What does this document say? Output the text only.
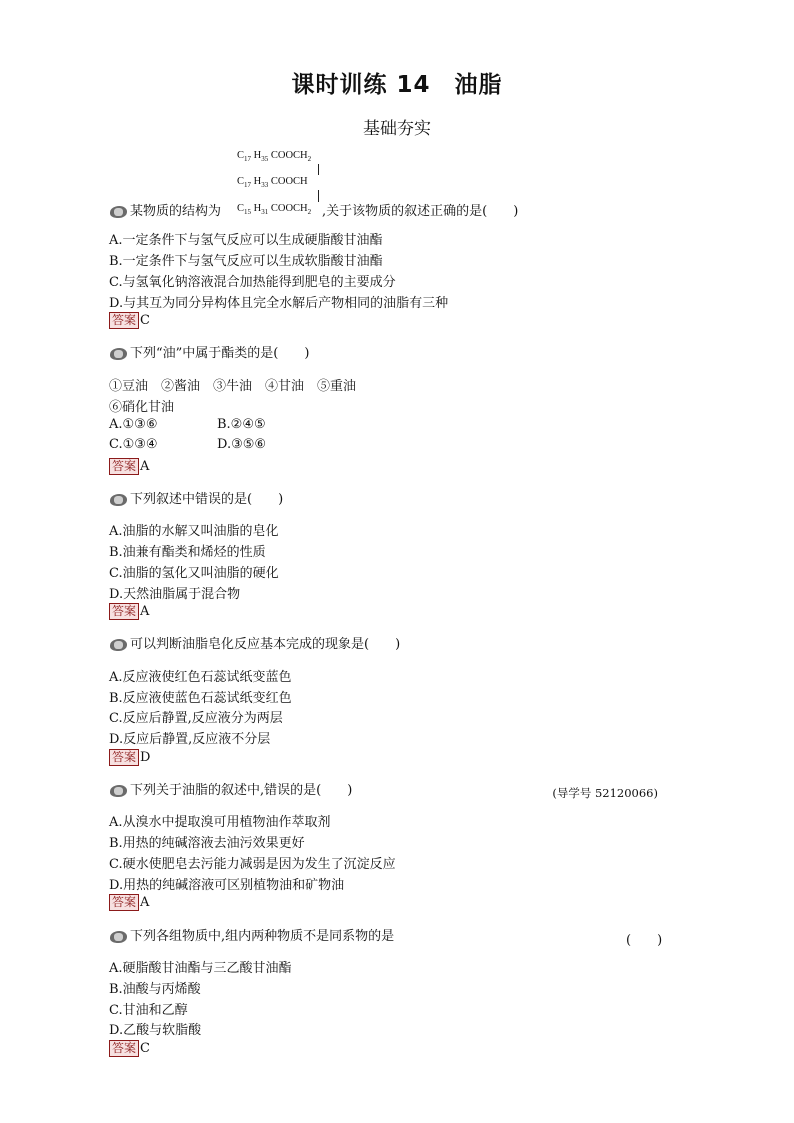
课时训练 14　油脂
基础夯实
$C_{17}$ $H_{35}$ $COOCH_2$
$C_{17}$ $H_{33}$ COOCH
$C_{15}$ $H_{31}$ $COOCH_2$
某物质的结构为	,关于该物质的叙述正确的是(　　)
A.一定条件下与氢气反应可以生成硬脂酸甘油酯
B.一定条件下与氢气反应可以生成软脂酸甘油酯
C.与氢氧化钠溶液混合加热能得到肥皂的主要成分
D.与其互为同分异构体且完全水解后产物相同的油脂有三种
答案 C
下列“油”中属于酯类的是(　　)
①豆油　②酱油　③牛油　④甘油　⑤重油
⑥硝化甘油
A.①③⑥	B.②④⑤
C.①③④	D.③⑤⑥
答案 A
下列叙述中错误的是(　　)
A.油脂的水解又叫油脂的皂化
B.油兼有酯类和烯烃的性质
C.油脂的氢化又叫油脂的硬化
D.天然油脂属于混合物
答案 A
可以判断油脂皂化反应基本完成的现象是(　　)
A.反应液使红色石蕊试纸变蓝色
B.反应液使蓝色石蕊试纸变红色
C.反应后静置,反应液分为两层
D.反应后静置,反应液不分层
答案 D
下列关于油脂的叙述中,错误的是(　　)	(导学号 52120066)
A.从溴水中提取溴可用植物油作萃取剂
B.用热的纯碱溶液去油污效果更好
C.硬水使肥皂去污能力减弱是因为发生了沉淀反应
D.用热的纯碱溶液可区别植物油和矿物油
答案 A
下列各组物质中,组内两种物质不是同系物的是	(　　)
A.硬脂酸甘油酯与三乙酸甘油酯
B.油酸与丙烯酸
C.甘油和乙醇
D.乙酸与软脂酸
答案 C
